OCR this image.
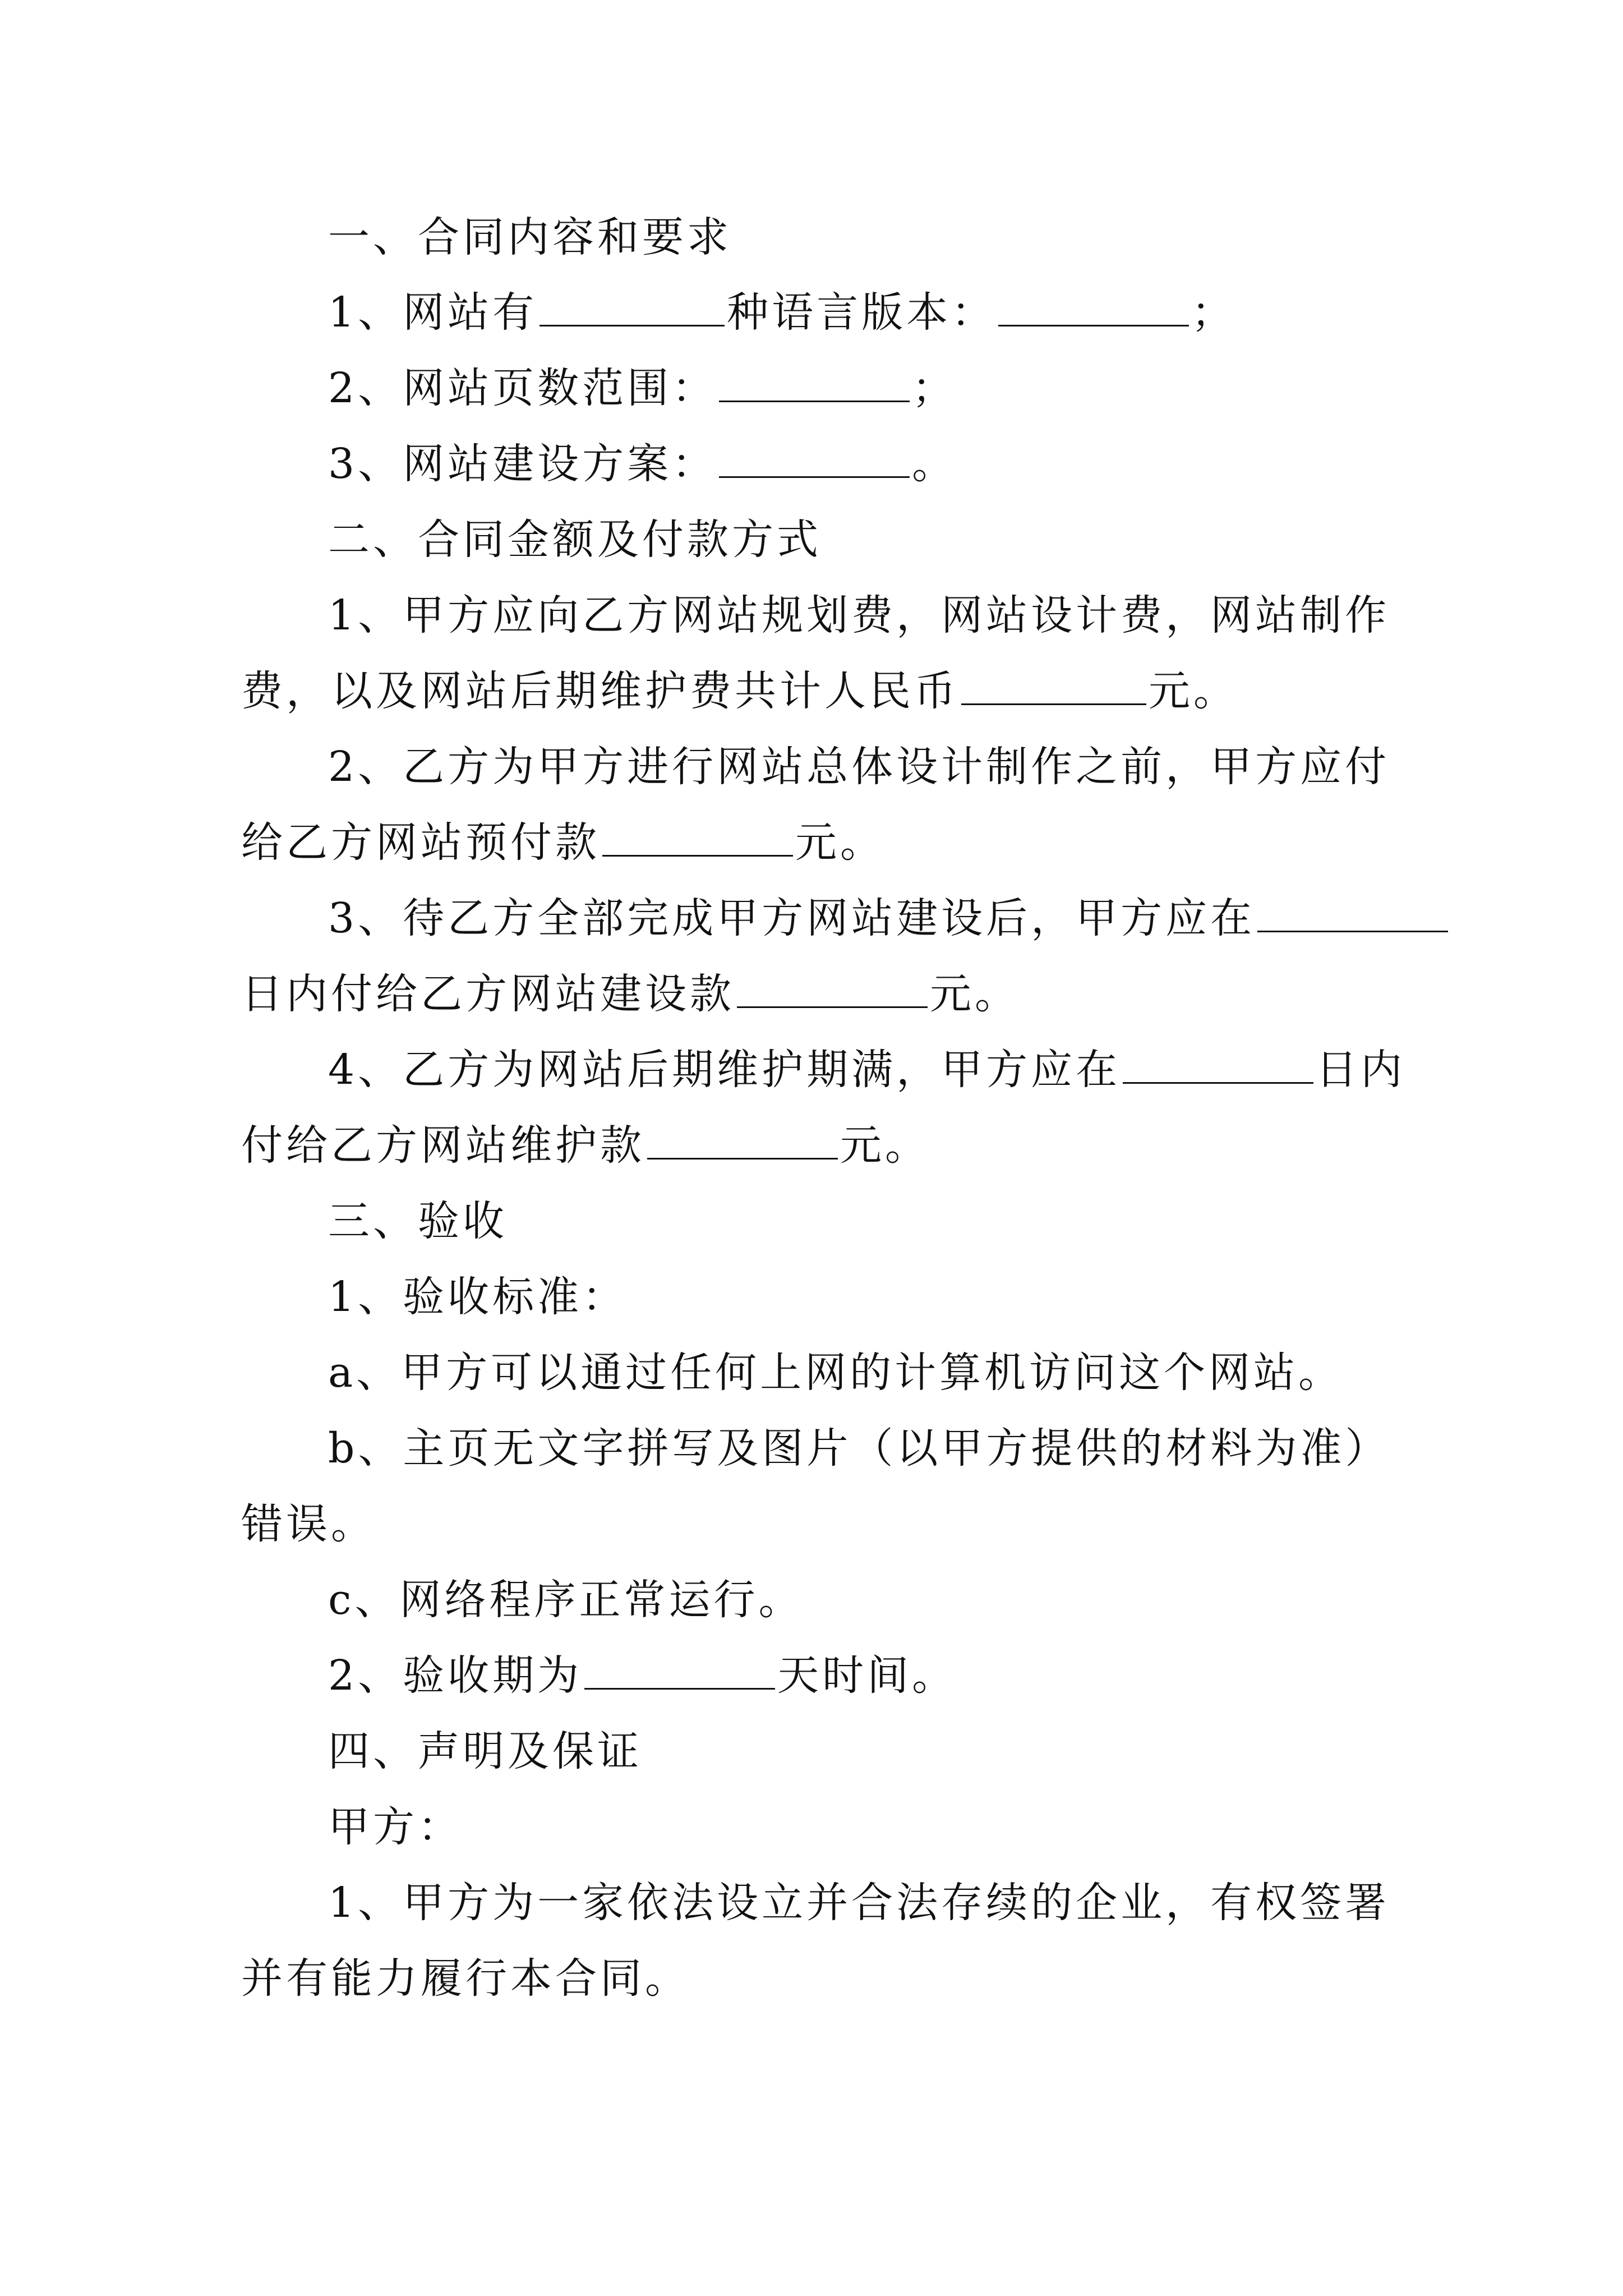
一、合同内容和要求
1、网站有	种语言版本：	；
2、网站页数范围：	；
3、网站建设方案：	。
二、合同金额及付款方式
1、甲方应向乙方网站规划费，网站设计费，网站制作
费，以及网站后期维护费共计人民币	元。
2、乙方为甲方进行网站总体设计制作之前，甲方应付
给乙方网站预付款	元。
3、待乙方全部完成甲方网站建设后，甲方应在
日内付给乙方网站建设款	元。
4、乙方为网站后期维护期满，甲方应在	日内
付给乙方网站维护款	元。
三、验收
1、验收标准：
a、甲方可以通过任何上网的计算机访问这个网站。
b、主页无文字拼写及图片（以甲方提供的材料为准）
错误。
c、网络程序正常运行。
2、验收期为	天时间。
四、声明及保证
甲方：
1、甲方为一家依法设立并合法存续的企业，有权签署
并有能力履行本合同。
